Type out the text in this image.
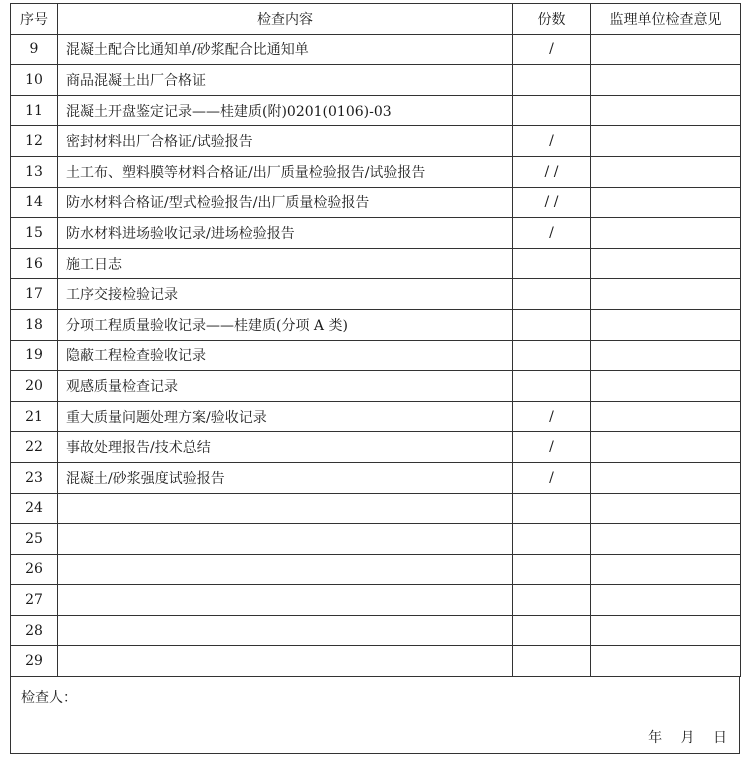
序号	检查内容	份数	监理单位检查意见
9	混凝土配合比通知单/砂浆配合比通知单	/	
10	商品混凝土出厂合格证		
11	混凝土开盘鉴定记录——桂建质(附)0201(0106)-03		
12	密封材料出厂合格证/试验报告	/	
13	土工布、塑料膜等材料合格证/出厂质量检验报告/试验报告	/ /	
14	防水材料合格证/型式检验报告/出厂质量检验报告	/ /	
15	防水材料进场验收记录/进场检验报告	/	
16	施工日志		
17	工序交接检验记录		
18	分项工程质量验收记录——桂建质(分项 A 类)		
19	隐蔽工程检查验收记录		
20	观感质量检查记录		
21	重大质量问题处理方案/验收记录	/	
22	事故处理报告/技术总结	/	
23	混凝土/砂浆强度试验报告	/	
24			
25			
26			
27			
28			
29			
检查人：
年 月 日
